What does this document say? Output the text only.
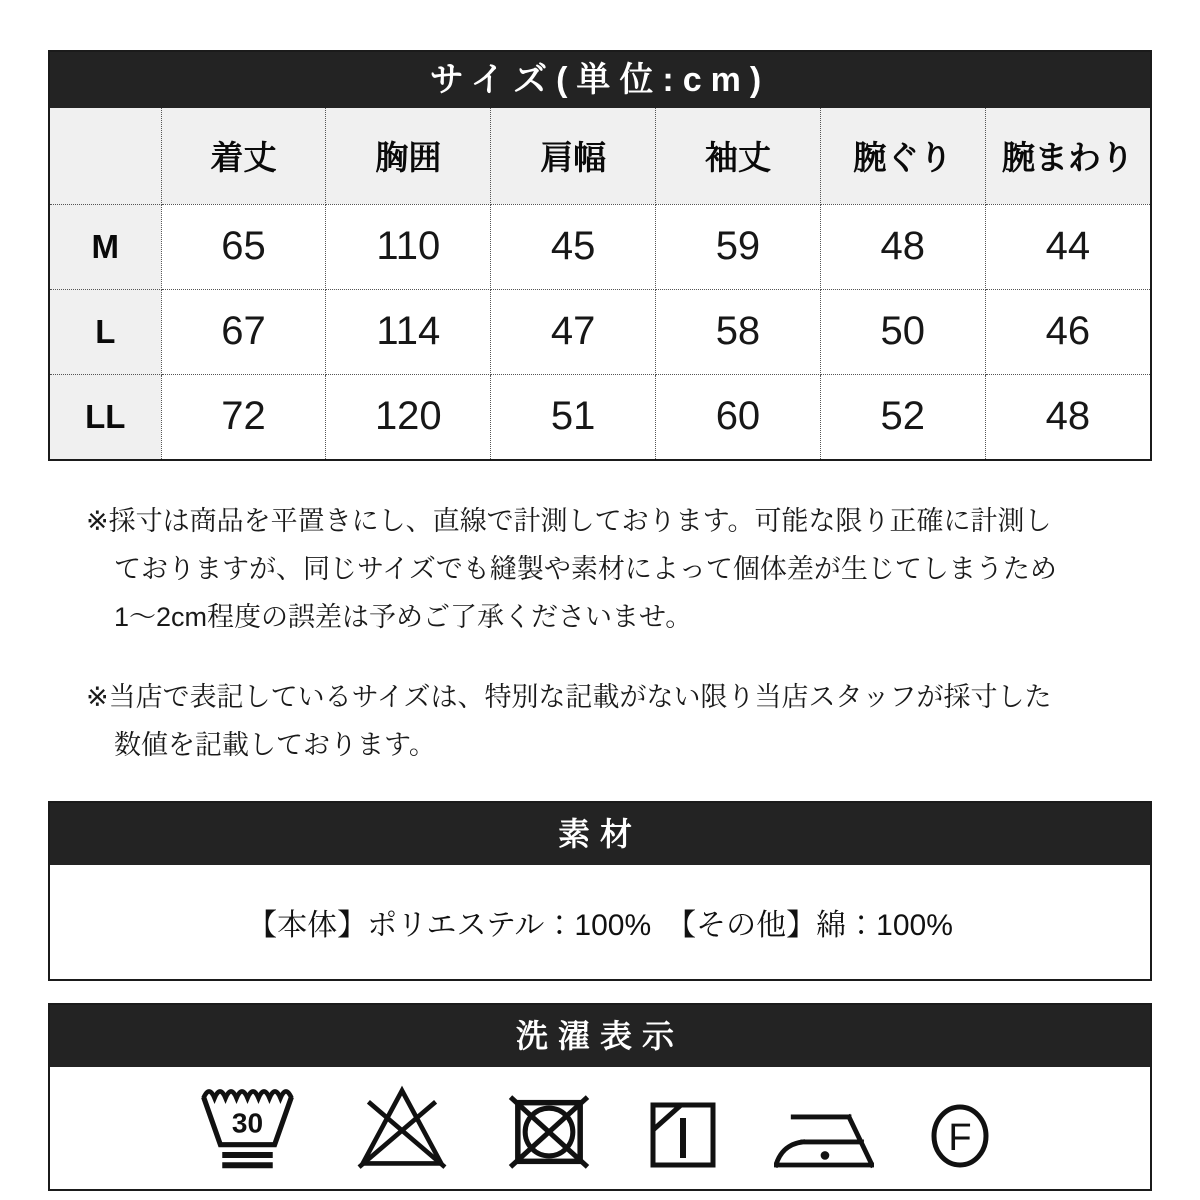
サイズ(単位:cm)
	着丈	胸囲	肩幅	袖丈	腕ぐり	腕まわり
M	65	110	45	59	48	44
L	67	114	47	58	50	46
LL	72	120	51	60	52	48
※採寸は商品を平置きにし、直線で計測しております。可能な限り正確に計測し
ておりますが、同じサイズでも縫製や素材によって個体差が生じてしまうため
1〜2cm程度の誤差は予めご了承くださいませ。
※当店で表記しているサイズは、特別な記載がない限り当店スタッフが採寸した
数値を記載しております。
素材
【本体】ポリエステル：100%　【その他】綿：100%
洗濯表示
30	F
